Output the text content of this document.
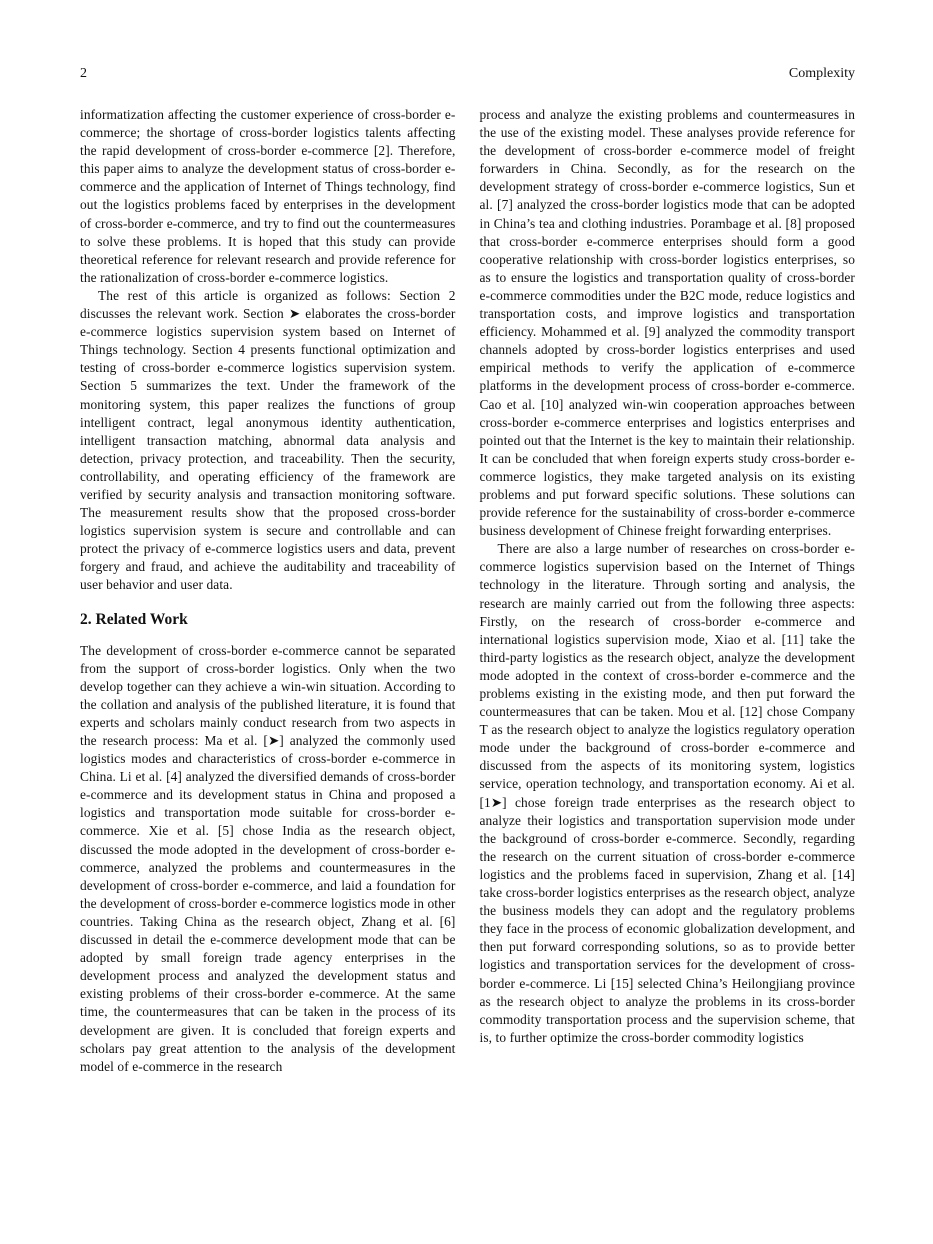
2	Complexity

informatization affecting the customer experience of cross-border e-commerce; the shortage of cross-border logistics talents affecting the rapid development of cross-border e-commerce [2]. Therefore, this paper aims to analyze the development status of cross-border e-commerce and the application of Internet of Things technology, find out the logistics problems faced by enterprises in the development of cross-border e-commerce, and try to find out the countermeasures to solve these problems. It is hoped that this study can provide theoretical reference for relevant research and provide reference for the rationalization of cross-border e-commerce logistics.

The rest of this article is organized as follows: Section 2 discusses the relevant work. Section ➤ elaborates the cross-border e-commerce logistics supervision system based on Internet of Things technology. Section 4 presents functional optimization and testing of cross-border e-commerce logistics supervision system. Section 5 summarizes the text. Under the framework of the monitoring system, this paper realizes the functions of group intelligent contract, legal anonymous identity authentication, intelligent transaction matching, abnormal data analysis and detection, privacy protection, and traceability. Then the security, controllability, and operating efficiency of the framework are verified by security analysis and transaction monitoring software. The measurement results show that the proposed cross-border logistics supervision system is secure and controllable and can protect the privacy of e-commerce logistics users and data, prevent forgery and fraud, and achieve the auditability and traceability of user behavior and user data.

2. Related Work

The development of cross-border e-commerce cannot be separated from the support of cross-border logistics. Only when the two develop together can they achieve a win-win situation. According to the collation and analysis of the published literature, it is found that experts and scholars mainly conduct research from two aspects in the research process: Ma et al. [➤] analyzed the commonly used logistics modes and characteristics of cross-border e-commerce in China. Li et al. [4] analyzed the diversified demands of cross-border e-commerce and its development status in China and proposed a logistics and transportation mode suitable for cross-border e-commerce. Xie et al. [5] chose India as the research object, discussed the mode adopted in the development of cross-border e-commerce, analyzed the problems and countermeasures in the development of cross-border e-commerce, and laid a foundation for the development of cross-border e-commerce logistics mode in other countries. Taking China as the research object, Zhang et al. [6] discussed in detail the e-commerce development mode that can be adopted by small foreign trade agency enterprises in the development process and analyzed the development status and existing problems of their cross-border e-commerce. At the same time, the countermeasures that can be taken in the process of its development are given. It is concluded that foreign experts and scholars pay great attention to the analysis of the development model of e-commerce in the research

process and analyze the existing problems and countermeasures in the use of the existing model. These analyses provide reference for the development of cross-border e-commerce model of freight forwarders in China. Secondly, as for the research on the development strategy of cross-border e-commerce logistics, Sun et al. [7] analyzed the cross-border logistics mode that can be adopted in China’s tea and clothing industries. Porambage et al. [8] proposed that cross-border e-commerce enterprises should form a good cooperative relationship with cross-border logistics enterprises, so as to ensure the logistics and transportation quality of cross-border e-commerce commodities under the B2C mode, reduce logistics and transportation costs, and improve logistics and transportation efficiency. Mohammed et al. [9] analyzed the commodity transport channels adopted by cross-border logistics enterprises and used empirical methods to verify the application of e-commerce platforms in the development process of cross-border e-commerce. Cao et al. [10] analyzed win-win cooperation approaches between cross-border e-commerce enterprises and logistics enterprises and pointed out that the Internet is the key to maintain their relationship. It can be concluded that when foreign experts study cross-border e-commerce logistics, they make targeted analysis on its existing problems and put forward specific solutions. These solutions can provide reference for the sustainability of cross-border e-commerce business development of Chinese freight forwarding enterprises.

There are also a large number of researches on cross-border e-commerce logistics supervision based on the Internet of Things technology in the literature. Through sorting and analysis, the research are mainly carried out from the following three aspects: Firstly, on the research of cross-border e-commerce and international logistics supervision mode, Xiao et al. [11] take the third-party logistics as the research object, analyze the development mode adopted in the context of cross-border e-commerce and the problems existing in the existing mode, and then put forward the countermeasures that can be taken. Mou et al. [12] chose Company T as the research object to analyze the logistics regulatory operation mode under the background of cross-border e-commerce and discussed from the aspects of its monitoring system, logistics service, operation technology, and transportation economy. Ai et al. [1➤] chose foreign trade enterprises as the research object to analyze their logistics and transportation supervision mode under the background of cross-border e-commerce. Secondly, regarding the research on the current situation of cross-border e-commerce logistics and the problems faced in supervision, Zhang et al. [14] take cross-border logistics enterprises as the research object, analyze the business models they can adopt and the regulatory problems they face in the process of economic globalization development, and then put forward corresponding solutions, so as to provide better logistics and transportation services for the development of cross-border e-commerce. Li [15] selected China’s Heilongjiang province as the research object to analyze the problems in its cross-border commodity transportation process and the supervision scheme, that is, to further optimize the cross-border commodity logistics
